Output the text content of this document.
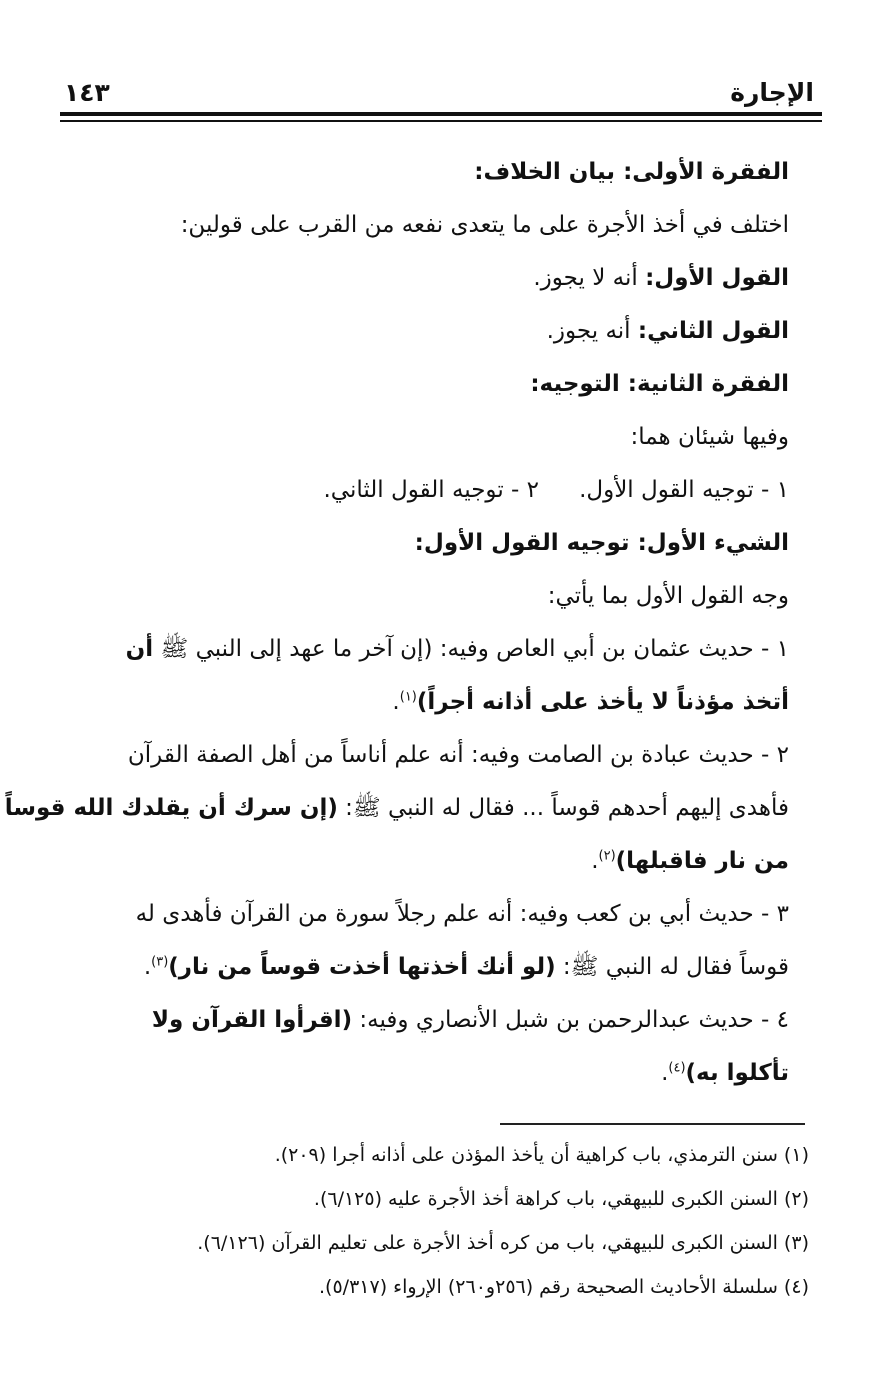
الإجارة
١٤٣
الفقرة الأولى: بيان الخلاف:
اختلف في أخذ الأجرة على ما يتعدى نفعه من القرب على قولين:
القول الأول: أنه لا يجوز.
القول الثاني: أنه يجوز.
الفقرة الثانية: التوجيه:
وفيها شيئان هما:
١ - توجيه القول الأول.
٢ - توجيه القول الثاني.
الشيء الأول: توجيه القول الأول:
وجه القول الأول بما يأتي:
١ - حديث عثمان بن أبي العاص وفيه: (إن آخر ما عهد إلى النبي ﷺ أن
أتخذ مؤذناً لا يأخذ على أذانه أجراً)$^{(١)}$.
٢ - حديث عبادة بن الصامت وفيه: أنه علم أناساً من أهل الصفة القرآن
فأهدى إليهم أحدهم قوساً ... فقال له النبي ﷺ: (إن سرك أن يقلدك الله قوساً
من نار فاقبلها)$^{(٢)}$.
٣ - حديث أبي بن كعب وفيه: أنه علم رجلاً سورة من القرآن فأهدى له
قوساً فقال له النبي ﷺ: (لو أنك أخذتها أخذت قوساً من نار)$^{(٣)}$.
٤ - حديث عبدالرحمن بن شبل الأنصاري وفيه: (اقرأوا القرآن ولا
تأكلوا به)$^{(٤)}$.
(١) سنن الترمذي، باب كراهية أن يأخذ المؤذن على أذانه أجرا (٢٠٩).
(٢) السنن الكبرى للبيهقي، باب كراهة أخذ الأجرة عليه (٦/١٢٥).
(٣) السنن الكبرى للبيهقي، باب من كره أخذ الأجرة على تعليم القرآن (٦/١٢٦).
(٤) سلسلة الأحاديث الصحيحة رقم (٢٥٦و٢٦٠) الإرواء (٥/٣١٧).
